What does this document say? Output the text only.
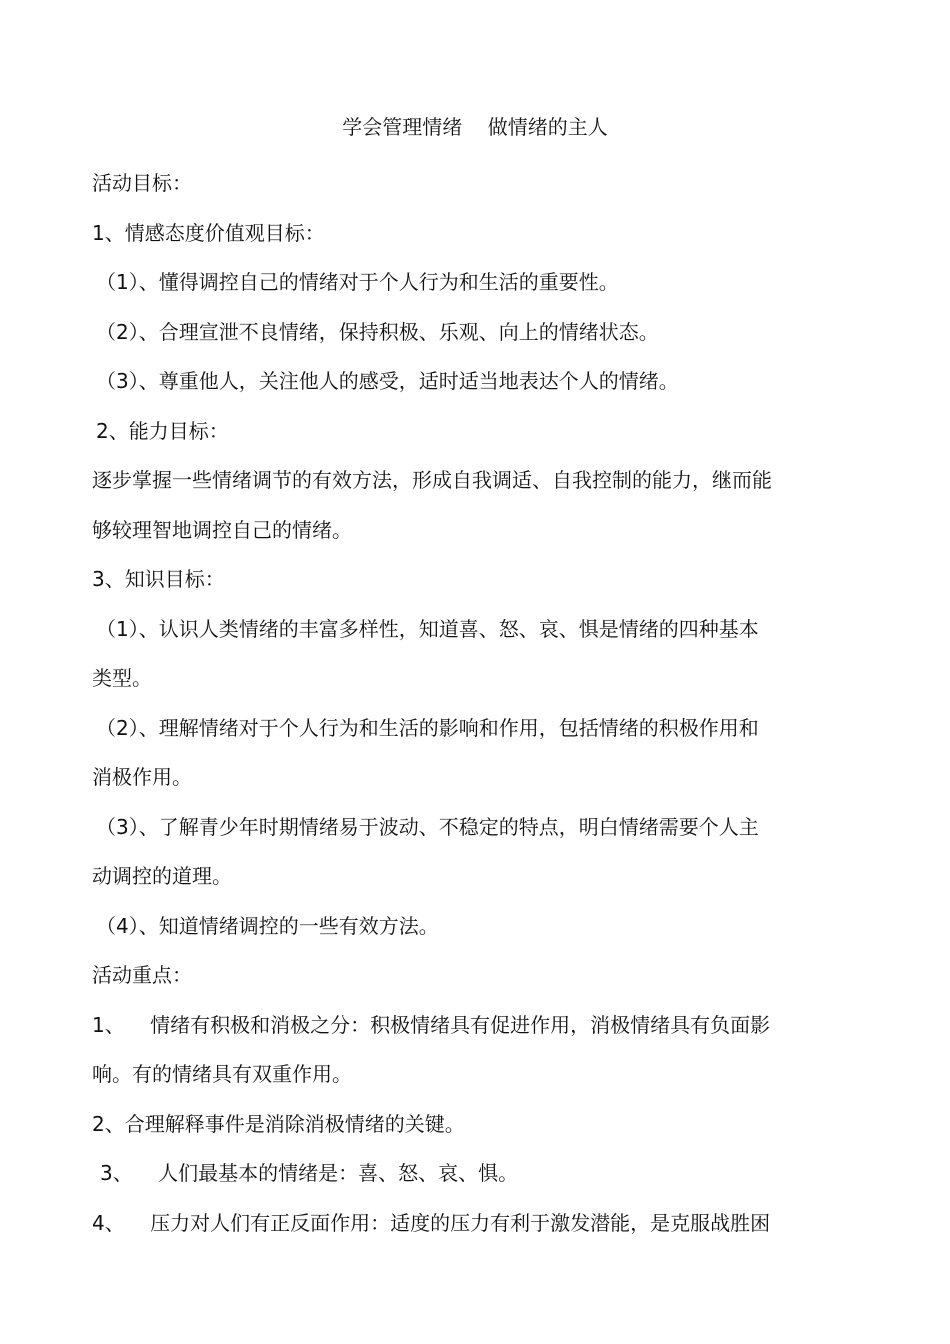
学会管理情绪    做情绪的主人
活动目标：
1、情感态度价值观目标：
（1）、懂得调控自己的情绪对于个人行为和生活的重要性。
（2）、合理宣泄不良情绪，保持积极、乐观、向上的情绪状态。
（3）、尊重他人，关注他人的感受，适时适当地表达个人的情绪。
2、能力目标：
逐步掌握一些情绪调节的有效方法，形成自我调适、自我控制的能力，继而能
够较理智地调控自己的情绪。
3、知识目标：
（1）、认识人类情绪的丰富多样性，知道喜、怒、哀、惧是情绪的四种基本
类型。
（2）、理解情绪对于个人行为和生活的影响和作用，包括情绪的积极作用和
消极作用。
（3）、了解青少年时期情绪易于波动、不稳定的特点，明白情绪需要个人主
动调控的道理。
（4）、知道情绪调控的一些有效方法。
活动重点：
1、    情绪有积极和消极之分：积极情绪具有促进作用，消极情绪具有负面影
响。有的情绪具有双重作用。
2、合理解释事件是消除消极情绪的关键。
3、    人们最基本的情绪是：喜、怒、哀、惧。
4、    压力对人们有正反面作用：适度的压力有利于激发潜能，是克服战胜困
